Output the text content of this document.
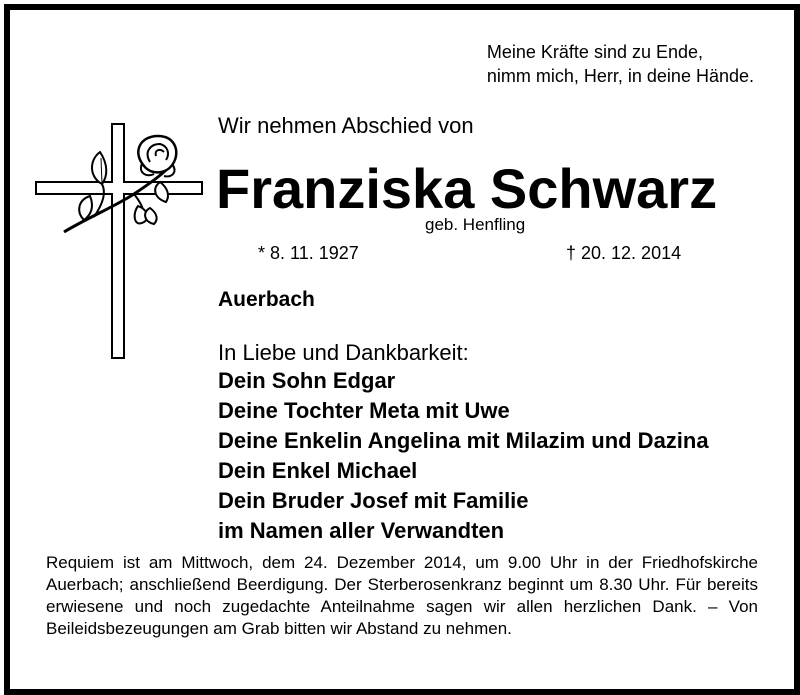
Meine Kräfte sind zu Ende,
nimm mich, Herr, in deine Hände.
Wir nehmen Abschied von
Franziska Schwarz
geb. Henfling
* 8. 11. 1927	† 20. 12. 2014
Auerbach
In Liebe und Dankbarkeit:
Dein Sohn Edgar
Deine Tochter Meta mit Uwe
Deine Enkelin Angelina mit Milazim und Dazina
Dein Enkel Michael
Dein Bruder Josef mit Familie
im Namen aller Verwandten
Requiem ist am Mittwoch, dem 24. Dezember 2014, um 9.00 Uhr in der Friedhofskirche Auerbach; anschließend Beerdigung. Der Sterberosenkranz beginnt um 8.30 Uhr. Für bereits erwiesene und noch zugedachte Anteilnahme sagen wir allen herzlichen Dank. – Von Beileidsbezeugungen am Grab bitten wir Abstand zu nehmen.
